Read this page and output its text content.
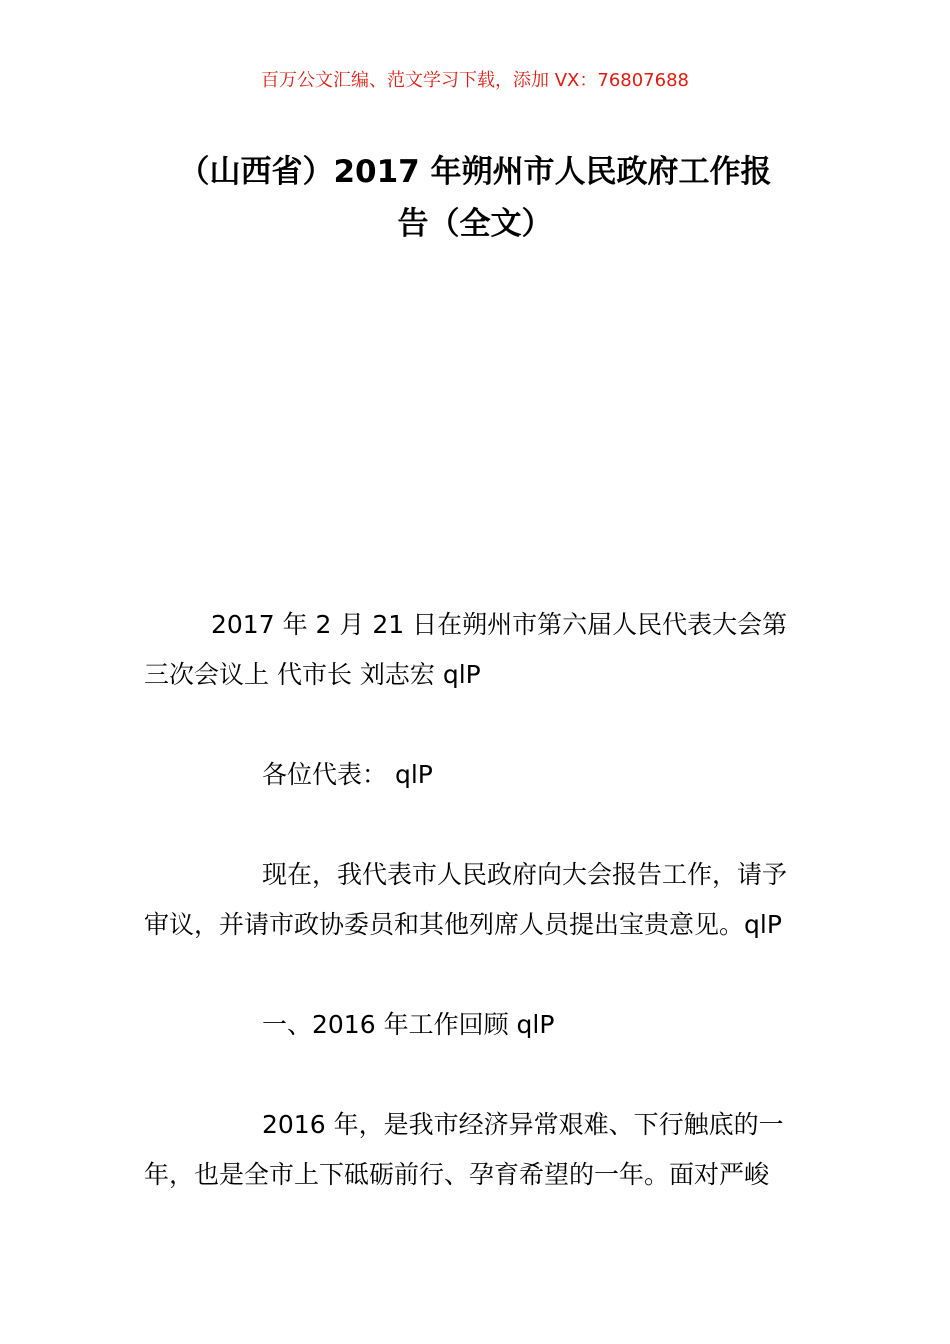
百万公文汇编、范文学习下载，添加 VX：76807688
（山西省）2017 年朔州市人民政府工作报
告（全文）
2017 年 2 月 21 日在朔州市第六届人民代表大会第
三次会议上 代市长 刘志宏 qlP
各位代表： qlP
现在，我代表市人民政府向大会报告工作，请予
审议，并请市政协委员和其他列席人员提出宝贵意见。qlP
一、2016 年工作回顾 qlP
2016 年，是我市经济异常艰难、下行触底的一
年，也是全市上下砥砺前行、孕育希望的一年。面对严峻
